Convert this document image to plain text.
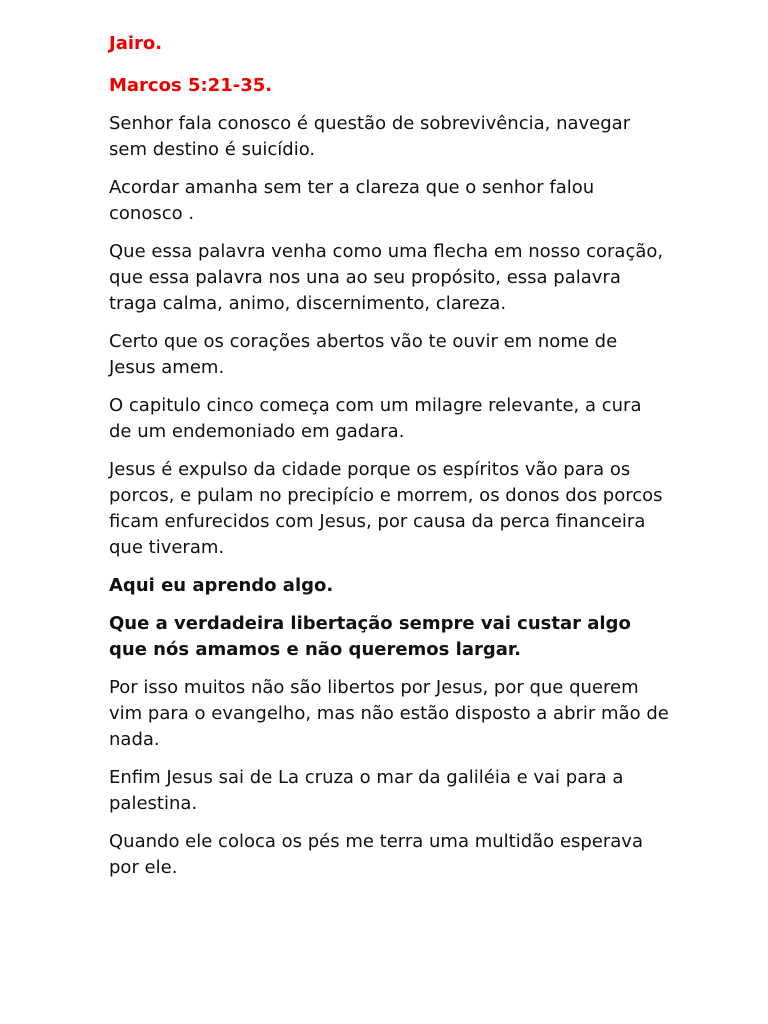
Jairo.

Marcos 5:21-35.

Senhor fala conosco é questão de sobrevivência, navegar sem destino é suicídio.

Acordar amanha sem ter a clareza que o senhor falou conosco .

Que essa palavra venha como uma flecha em nosso coração, que essa palavra nos una ao seu propósito, essa palavra traga calma, animo, discernimento, clareza.

Certo que os corações abertos vão te ouvir em nome de Jesus amem.

O capitulo cinco começa com um milagre relevante, a cura de um endemoniado em gadara.

Jesus é expulso da cidade porque os espíritos vão para os porcos, e pulam no precipício e morrem, os donos dos porcos ficam enfurecidos com Jesus, por causa da perca financeira que tiveram.

Aqui eu aprendo algo.

Que a verdadeira libertação sempre vai custar algo que nós amamos e não queremos largar.

Por isso muitos não são libertos por Jesus, por que querem vim para o evangelho, mas não estão disposto a abrir mão de nada.

Enfim Jesus sai de La cruza o mar da galiléia e vai para a palestina.

Quando ele coloca os pés me terra uma multidão esperava por ele.
